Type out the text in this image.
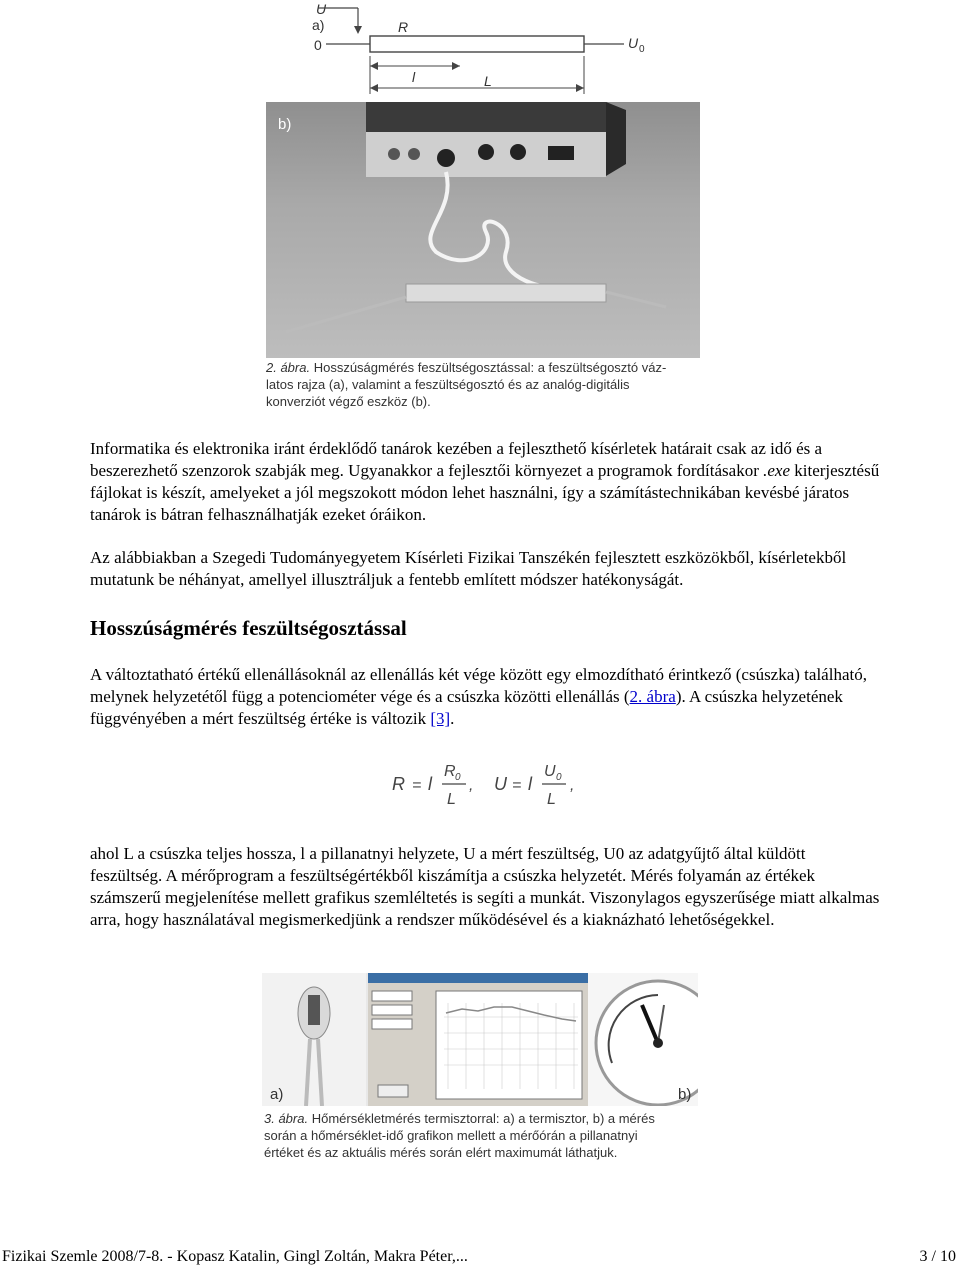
a)
U
0
R
U 0
l	L
b)
2. ábra. Hosszúságmérés feszültségosztással: a feszültségosztó váz-
latos rajza (a), valamint a feszültségosztó és az analóg-digitális
konverziót végző eszköz (b).

Informatika és elektronika iránt érdeklődő tanárok kezében a fejleszthető kísérletek határait csak az idő és a beszerezhető szenzorok szabják meg. Ugyanakkor a fejlesztői környezet a programok fordításakor .exe kiterjesztésű fájlokat is készít, amelyeket a jól megszokott módon lehet használni, így a számítástechnikában kevésbé járatos tanárok is bátran felhasználhatják ezeket óráikon.

Az alábbiakban a Szegedi Tudományegyetem Kísérleti Fizikai Tanszékén fejlesztett eszközökből, kísérletekből mutatunk be néhányat, amellyel illusztráljuk a fentebb említett módszer hatékonyságát.

Hosszúságmérés feszültségosztással

A változtatható értékű ellenállásoknál az ellenállás két vége között egy elmozdítható érintkező (csúszka) található, melynek helyzetétől függ a potenciométer vége és a csúszka közötti ellenállás (2. ábra). A csúszka helyzetének függvényében a mért feszültség értéke is változik [3].

R = l
R 0
L
, U = l
U 0
L
,

ahol L a csúszka teljes hossza, l a pillanatnyi helyzete, U a mért feszültség, U0 az adatgyűjtő által küldött feszültség. A mérőprogram a feszültségértékből kiszámítja a csúszka helyzetét. Mérés folyamán az értékek számszerű megjelenítése mellett grafikus szemléltetés is segíti a munkát. Viszonylagos egyszerűsége miatt alkalmas arra, hogy használatával megismerkedjünk a rendszer működésével és a kiaknázható lehetőségekkel.

a)	b)
3. ábra. Hőmérsékletmérés termisztorral: a) a termisztor, b) a mérés
során a hőmérséklet-idő grafikon mellett a mérőórán a pillanatnyi
értéket és az aktuális mérés során elért maximumát láthatjuk.
Fizikai Szemle 2008/7-8. - Kopasz Katalin, Gingl Zoltán, Makra Péter,...	3 / 10
